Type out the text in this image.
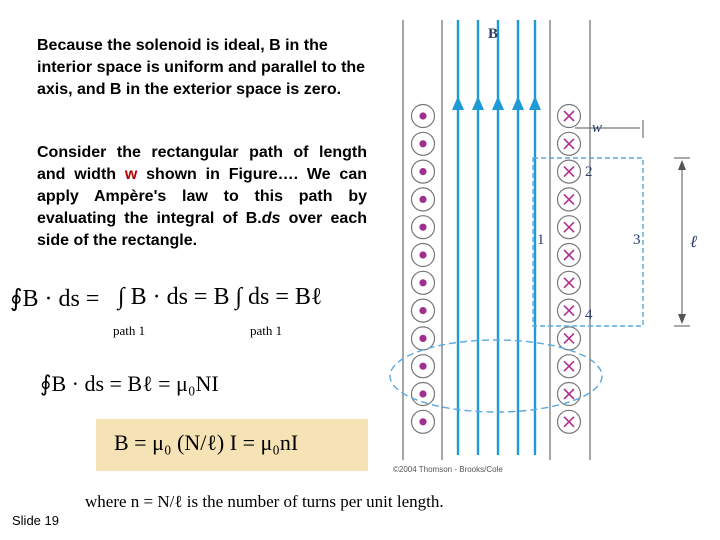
Because the solenoid is ideal, B in the interior space is uniform and parallel to the axis, and B in the exterior space is zero.

Consider the rectangular path of length and width w shown in Figure…. We can apply Ampère's law to this path by evaluating the integral of B.ds over each side of the rectangle.

∮B · ds = ∫ B · ds = B ∫ ds = Bℓ
path 1	path 1
∮B · ds = Bℓ = μ₀NI
B = μ₀ (N/ℓ) I = μ₀nI
where n = N/ℓ is the number of turns per unit length.
Slide 19
B
w
ℓ
1
2
3
4
©2004 Thomson - Brooks/Cole
